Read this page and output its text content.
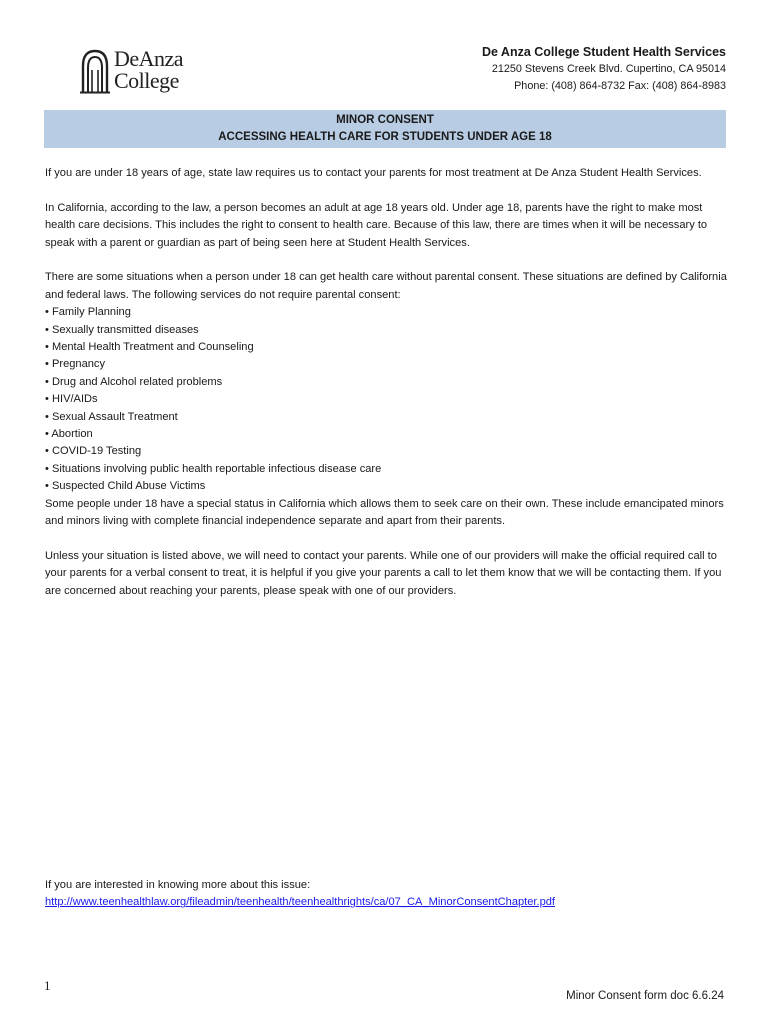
DeAnza
College
De Anza College Student Health Services
21250 Stevens Creek Blvd. Cupertino, CA 95014
Phone: (408) 864-8732 Fax: (408) 864-8983
MINOR CONSENT
ACCESSING HEALTH CARE FOR STUDENTS UNDER AGE 18

If you are under 18 years of age, state law requires us to contact your parents for most treatment at De Anza Student Health Services.

In California, according to the law, a person becomes an adult at age 18 years old. Under age 18, parents have the right to make most health care decisions. This includes the right to consent to health care. Because of this law, there are times when it will be necessary to speak with a parent or guardian as part of being seen here at Student Health Services.

There are some situations when a person under 18 can get health care without parental consent. These situations are defined by California and federal laws. The following services do not require parental consent:
• Family Planning
• Sexually transmitted diseases
• Mental Health Treatment and Counseling
• Pregnancy
• Drug and Alcohol related problems
• HIV/AIDs
• Sexual Assault Treatment
• Abortion
• COVID-19 Testing
• Situations involving public health reportable infectious disease care
• Suspected Child Abuse Victims

Some people under 18 have a special status in California which allows them to seek care on their own. These include emancipated minors and minors living with complete financial independence separate and apart from their parents.

Unless your situation is listed above, we will need to contact your parents. While one of our providers will make the official required call to your parents for a verbal consent to treat, it is helpful if you give your parents a call to let them know that we will be contacting them. If you are concerned about reaching your parents, please speak with one of our providers.

If you are interested in knowing more about this issue:
http://www.teenhealthlaw.org/fileadmin/teenhealth/teenhealthrights/ca/07_CA_MinorConsentChapter.pdf
1
Minor Consent form doc 6.6.24
